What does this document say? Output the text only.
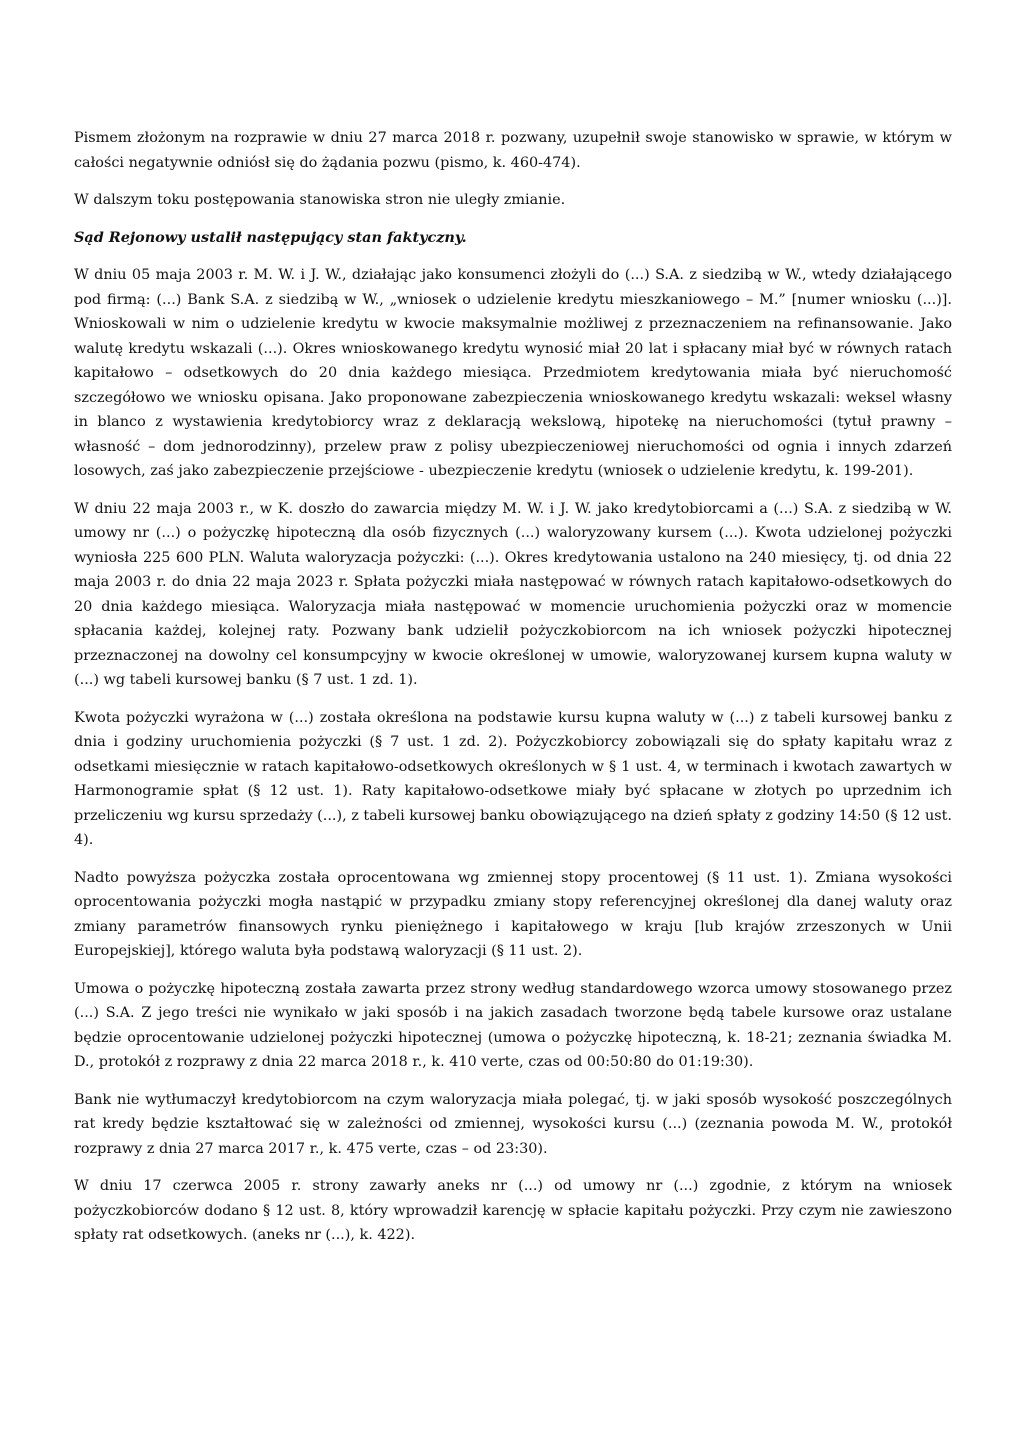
Pismem złożonym na rozprawie w dniu 27 marca 2018 r. pozwany, uzupełnił swoje stanowisko w sprawie, w którym w całości negatywnie odniósł się do żądania pozwu (pismo, k. 460-474).

W dalszym toku postępowania stanowiska stron nie uległy zmianie.

Sąd Rejonowy ustalił następujący stan faktyczny.

W dniu 05 maja 2003 r. M. W. i J. W., działając jako konsumenci złożyli do (...) S.A. z siedzibą w W., wtedy działającego pod firmą: (...) Bank S.A. z siedzibą w W., „wniosek o udzielenie kredytu mieszkaniowego – M.” [numer wniosku (...)]. Wnioskowali w nim o udzielenie kredytu w kwocie maksymalnie możliwej z przeznaczeniem na refinansowanie. Jako walutę kredytu wskazali (...). Okres wnioskowanego kredytu wynosić miał 20 lat i spłacany miał być w równych ratach kapitałowo – odsetkowych do 20 dnia każdego miesiąca. Przedmiotem kredytowania miała być nieruchomość szczegółowo we wniosku opisana. Jako proponowane zabezpieczenia wnioskowanego kredytu wskazali: weksel własny in blanco z wystawienia kredytobiorcy wraz z deklaracją wekslową, hipotekę na nieruchomości (tytuł prawny – własność – dom jednorodzinny), przelew praw z polisy ubezpieczeniowej nieruchomości od ognia i innych zdarzeń losowych, zaś jako zabezpieczenie przejściowe - ubezpieczenie kredytu (wniosek o udzielenie kredytu, k. 199-201).

W dniu 22 maja 2003 r., w K. doszło do zawarcia między M. W. i J. W. jako kredytobiorcami a (...) S.A. z siedzibą w W. umowy nr (...) o pożyczkę hipoteczną dla osób fizycznych (...) waloryzowany kursem (...). Kwota udzielonej pożyczki wyniosła 225 600 PLN. Waluta waloryzacja pożyczki: (...). Okres kredytowania ustalono na 240 miesięcy, tj. od dnia 22 maja 2003 r. do dnia 22 maja 2023 r. Spłata pożyczki miała następować w równych ratach kapitałowo-odsetkowych do 20 dnia każdego miesiąca. Waloryzacja miała następować w momencie uruchomienia pożyczki oraz w momencie spłacania każdej, kolejnej raty. Pozwany bank udzielił pożyczkobiorcom na ich wniosek pożyczki hipotecznej przeznaczonej na dowolny cel konsumpcyjny w kwocie określonej w umowie, waloryzowanej kursem kupna waluty w (...) wg tabeli kursowej banku (§ 7 ust. 1 zd. 1).

Kwota pożyczki wyrażona w (...) została określona na podstawie kursu kupna waluty w (...) z tabeli kursowej banku z dnia i godziny uruchomienia pożyczki (§ 7 ust. 1 zd. 2). Pożyczkobiorcy zobowiązali się do spłaty kapitału wraz z odsetkami miesięcznie w ratach kapitałowo-odsetkowych określonych w § 1 ust. 4, w terminach i kwotach zawartych w Harmonogramie spłat (§ 12 ust. 1). Raty kapitałowo-odsetkowe miały być spłacane w złotych po uprzednim ich przeliczeniu wg kursu sprzedaży (...), z tabeli kursowej banku obowiązującego na dzień spłaty z godziny 14:50 (§ 12 ust. 4).

Nadto powyższa pożyczka została oprocentowana wg zmiennej stopy procentowej (§ 11 ust. 1). Zmiana wysokości oprocentowania pożyczki mogła nastąpić w przypadku zmiany stopy referencyjnej określonej dla danej waluty oraz zmiany parametrów finansowych rynku pieniężnego i kapitałowego w kraju [lub krajów zrzeszonych w Unii Europejskiej], którego waluta była podstawą waloryzacji (§ 11 ust. 2).

Umowa o pożyczkę hipoteczną została zawarta przez strony według standardowego wzorca umowy stosowanego przez (...) S.A. Z jego treści nie wynikało w jaki sposób i na jakich zasadach tworzone będą tabele kursowe oraz ustalane będzie oprocentowanie udzielonej pożyczki hipotecznej (umowa o pożyczkę hipoteczną, k. 18-21; zeznania świadka M. D., protokół z rozprawy z dnia 22 marca 2018 r., k. 410 verte, czas od 00:50:80 do 01:19:30).

Bank nie wytłumaczył kredytobiorcom na czym waloryzacja miała polegać, tj. w jaki sposób wysokość poszczególnych rat kredy będzie kształtować się w zależności od zmiennej, wysokości kursu (...) (zeznania powoda M. W., protokół rozprawy z dnia 27 marca 2017 r., k. 475 verte, czas – od 23:30).

W dniu 17 czerwca 2005 r. strony zawarły aneks nr (...) od umowy nr (...) zgodnie, z którym na wniosek pożyczkobiorców dodano § 12 ust. 8, który wprowadził karencję w spłacie kapitału pożyczki. Przy czym nie zawieszono spłaty rat odsetkowych. (aneks nr (...), k. 422).
